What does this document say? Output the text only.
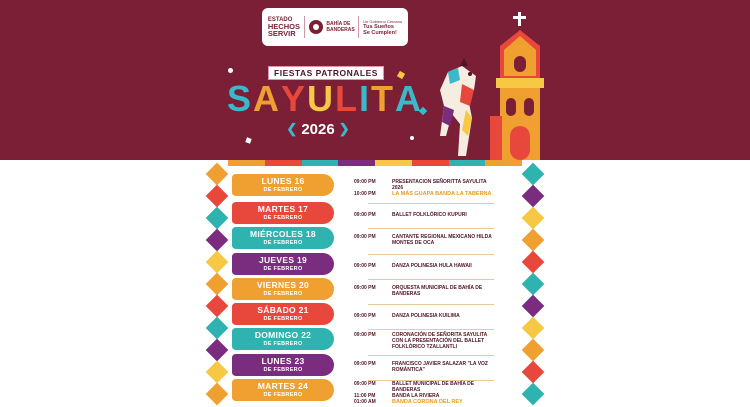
ESTADO
HECHOS
SERVIR
BAHÍA DE
BANDERAS
Un Gobierno Cercano
Tus Sueños
Se Cumplen!
FIESTAS PATRONALES
S A Y U L I T A
❮ 2026 ❯
LUNES 16
DE FEBRERO
09:00 PM	PRESENTACION SEÑORITTA SAYULITA 2026
10:00 PM	LA MÁS GUAPA BANDA LA TABERNA
MARTES 17
DE FEBRERO
09:00 PM	BALLET FOLKLÓRICO KUPURI
MIÉRCOLES 18
DE FEBRERO
09:00 PM	CANTANTE REGIONAL MEXICANO HILDA MONTES DE OCA
JUEVES 19
DE FEBRERO
09:00 PM	DANZA POLINESIA HULA HAWAII
VIERNES 20
DE FEBRERO
09:00 PM	ORQUESTA MUNICIPAL DE BAHÍA DE BANDERAS
SÁBADO 21
DE FEBRERO
09:00 PM	DANZA POLINESIA KUILIMA
DOMINGO 22
DE FEBRERO
09:00 PM	CORONACIÓN DE SEÑORITA SAYULITA CON LA PRESENTACIÓN DEL BALLET FOLKLÓRICO TZALLANTLI
LUNES 23
DE FEBRERO
09:00 PM	FRANCISCO JAVIER SALAZAR "LA VOZ ROMÁNTICA"
MARTES 24
DE FEBRERO
09:00 PM	BALLET MUNICIPAL DE BAHÍA DE BANDERAS
11:00 PM	BANDA LA RIVIERA
01:00 AM	BANDA CORONA DEL REY
